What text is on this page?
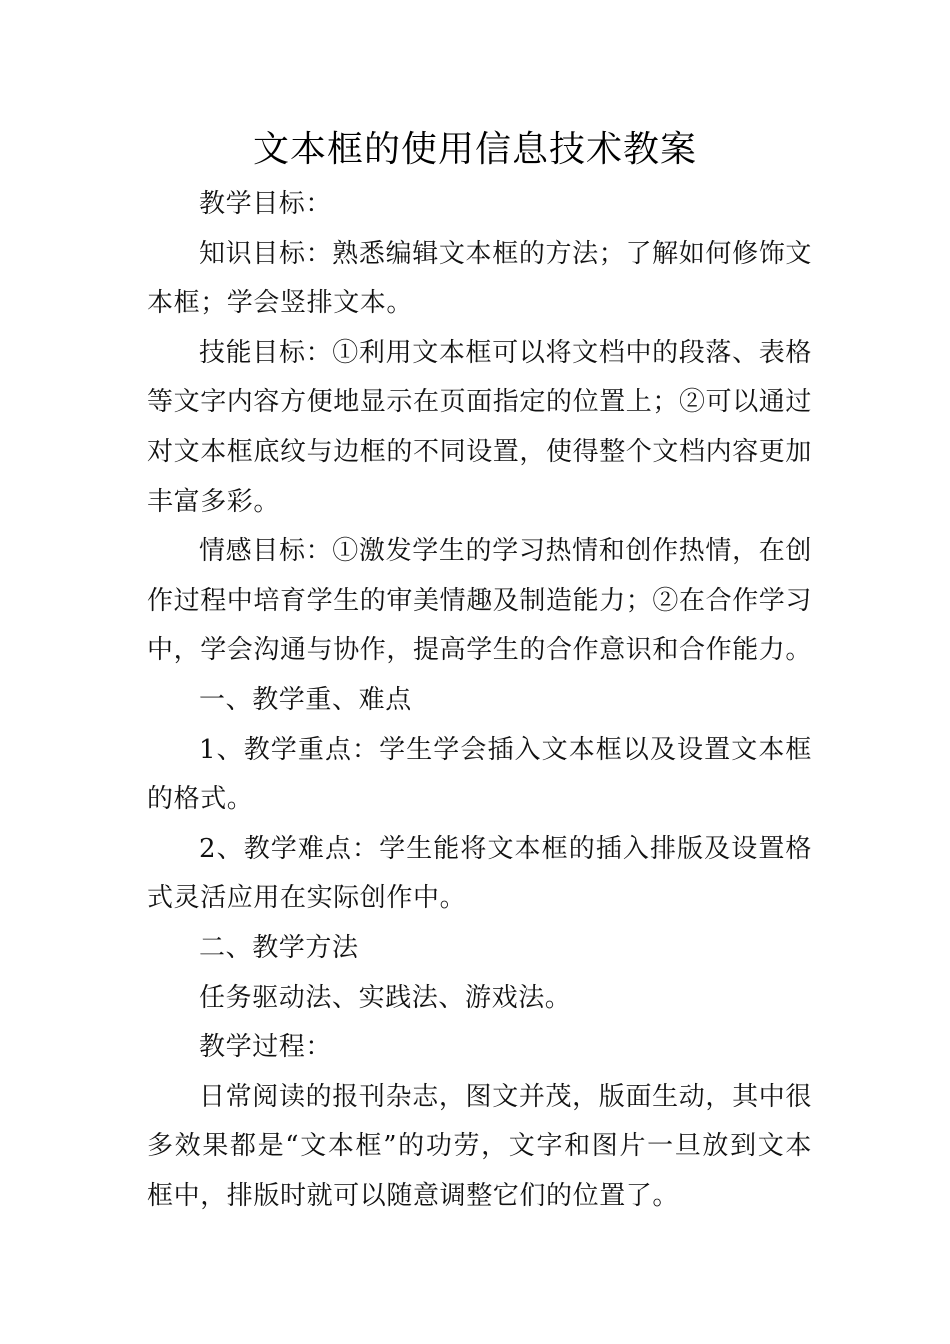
文本框的使用信息技术教案

教学目标：

知识目标：熟悉编辑文本框的方法；了解如何修饰文本框；学会竖排文本。

技能目标：①利用文本框可以将文档中的段落、表格等文字内容方便地显示在页面指定的位置上；②可以通过对文本框底纹与边框的不同设置，使得整个文档内容更加丰富多彩。

情感目标：①激发学生的学习热情和创作热情，在创作过程中培育学生的审美情趣及制造能力；②在合作学习中，学会沟通与协作，提高学生的合作意识和合作能力。

一、教学重、难点

1、教学重点：学生学会插入文本框以及设置文本框的格式。

2、教学难点：学生能将文本框的插入排版及设置格式灵活应用在实际创作中。

二、教学方法

任务驱动法、实践法、游戏法。

教学过程：

日常阅读的报刊杂志，图文并茂，版面生动，其中很多效果都是“文本框”的功劳，文字和图片一旦放到文本框中，排版时就可以随意调整它们的位置了。
